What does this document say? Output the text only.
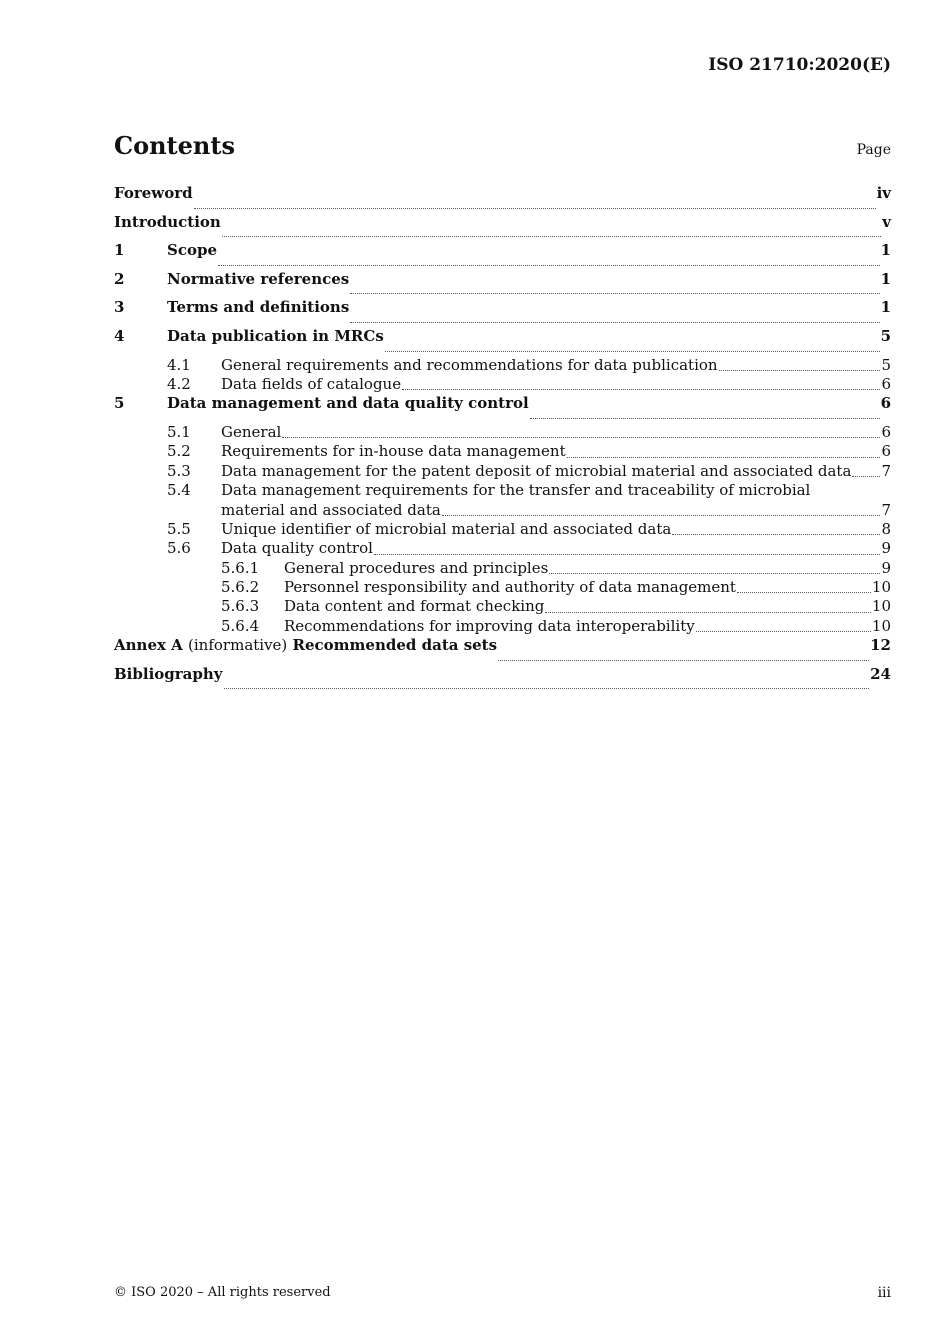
ISO 21710:2020(E)
Contents	Page
Foreword	iv
Introduction	v
1	Scope	1
2	Normative references	1
3	Terms and definitions	1
4	Data publication in MRCs	5
4.1	General requirements and recommendations for data publication	5
4.2	Data fields of catalogue	6
5	Data management and data quality control	6
5.1	General	6
5.2	Requirements for in-house data management	6
5.3	Data management for the patent deposit of microbial material and associated data 7
5.4	Data management requirements for the transfer and traceability of microbial
material and associated data	7
5.5	Unique identifier of microbial material and associated data	8
5.6	Data quality control	9
5.6.1	General procedures and principles	9
5.6.2	Personnel responsibility and authority of data management	10
5.6.3	Data content and format checking	10
5.6.4	Recommendations for improving data interoperability	10
Annex A (informative) Recommended data sets	12
Bibliography	24
© ISO 2020 – All rights reserved	iii
